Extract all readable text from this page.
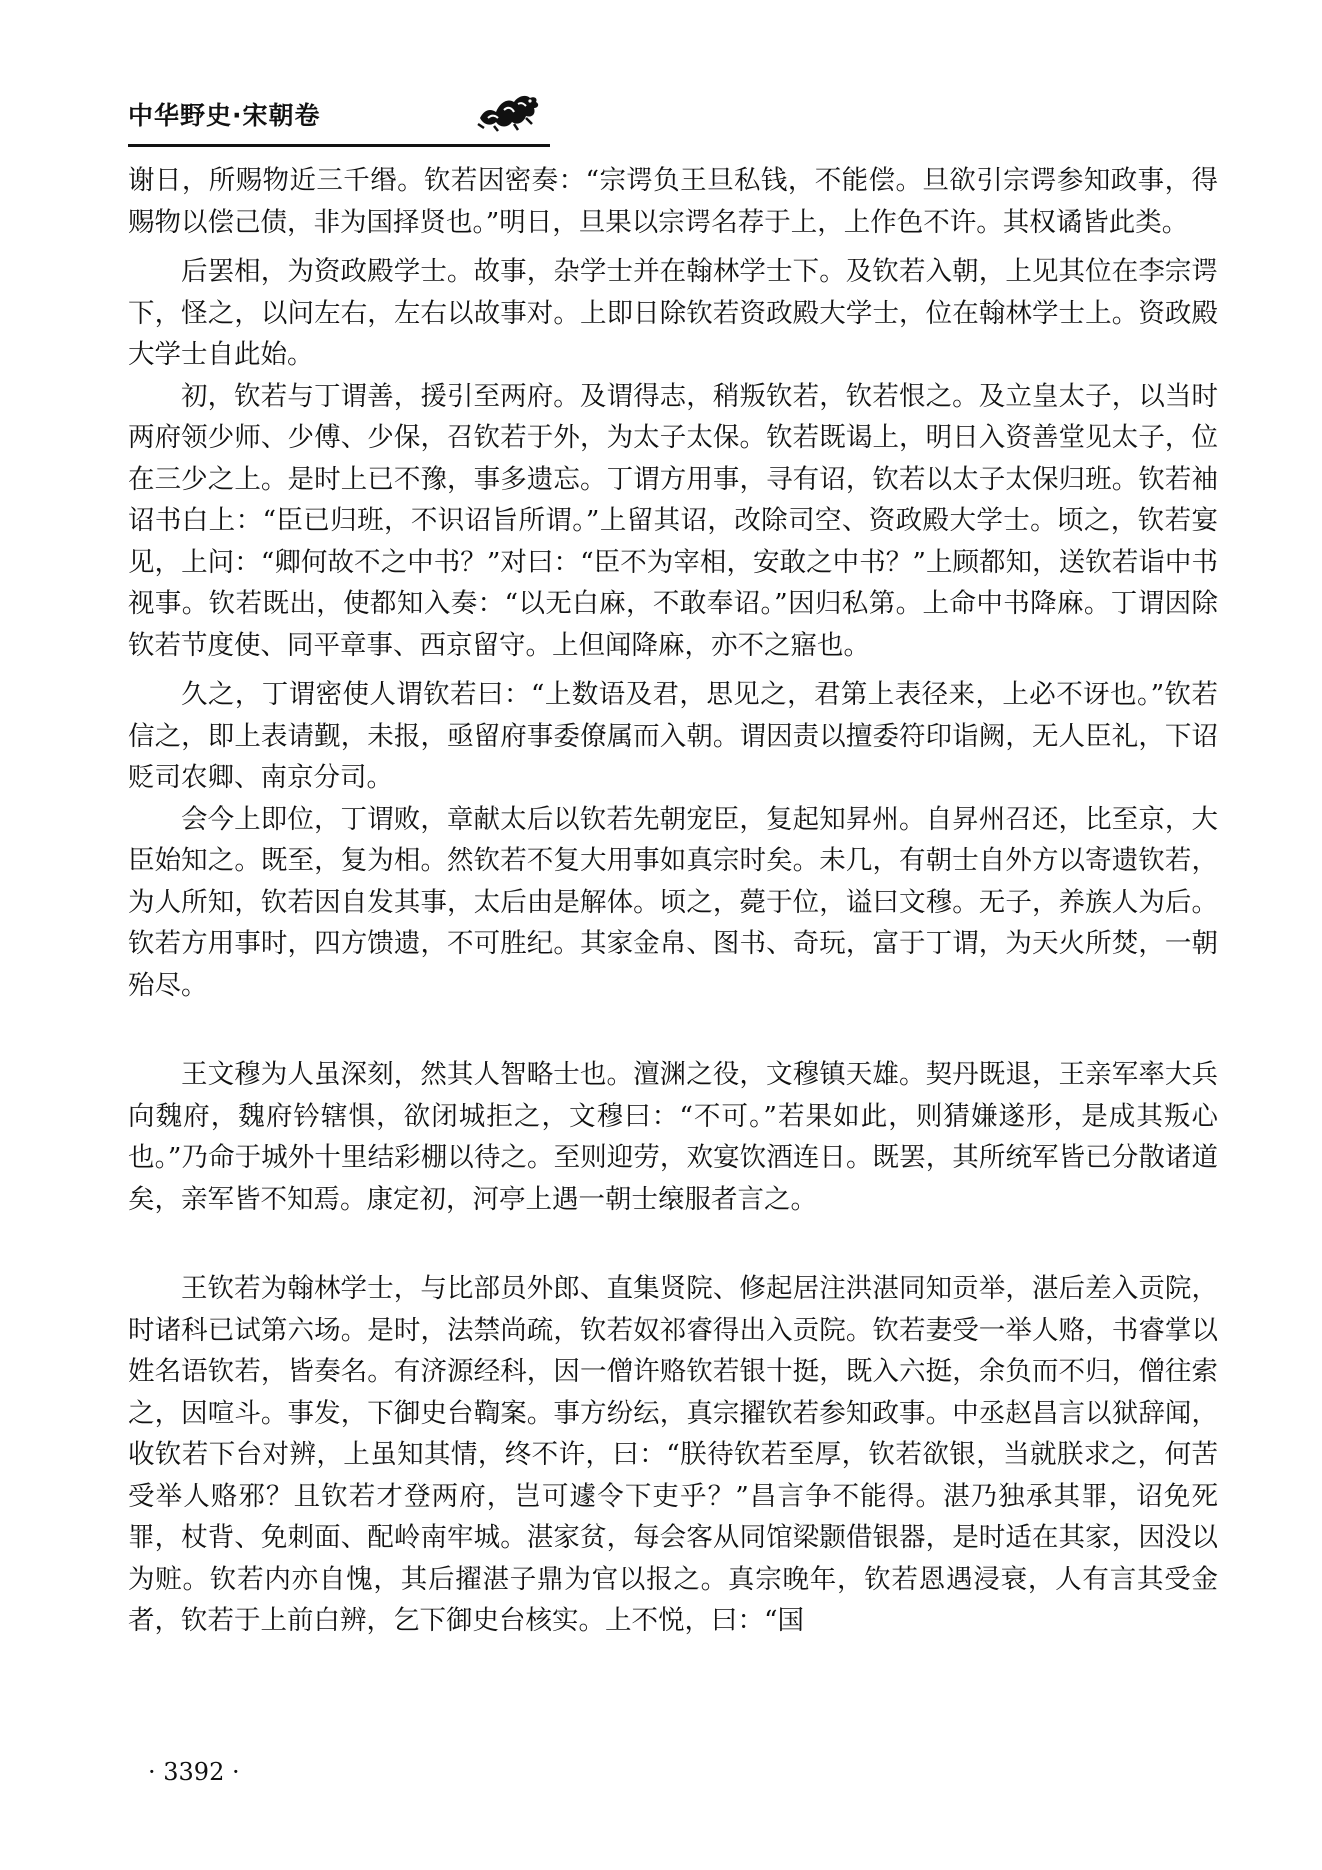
中华野史·宋朝卷

谢日，所赐物近三千缗。钦若因密奏：“宗谔负王旦私钱，不能偿。旦欲引宗谔参知政事，得赐物以偿己债，非为国择贤也。”明日，旦果以宗谔名荐于上，上作色不许。其权谲皆此类。

后罢相，为资政殿学士。故事，杂学士并在翰林学士下。及钦若入朝，上见其位在李宗谔下，怪之，以问左右，左右以故事对。上即日除钦若资政殿大学士，位在翰林学士上。资政殿大学士自此始。

初，钦若与丁谓善，援引至两府。及谓得志，稍叛钦若，钦若恨之。及立皇太子，以当时两府领少师、少傅、少保，召钦若于外，为太子太保。钦若既谒上，明日入资善堂见太子，位在三少之上。是时上已不豫，事多遗忘。丁谓方用事，寻有诏，钦若以太子太保归班。钦若袖诏书白上：“臣已归班，不识诏旨所谓。”上留其诏，改除司空、资政殿大学士。顷之，钦若宴见，上问：“卿何故不之中书？”对曰：“臣不为宰相，安敢之中书？”上顾都知，送钦若诣中书视事。钦若既出，使都知入奏：“以无白麻，不敢奉诏。”因归私第。上命中书降麻。丁谓因除钦若节度使、同平章事、西京留守。上但闻降麻，亦不之寤也。

久之，丁谓密使人谓钦若曰：“上数语及君，思见之，君第上表径来，上必不讶也。”钦若信之，即上表请觐，未报，亟留府事委僚属而入朝。谓因责以擅委符印诣阙，无人臣礼，下诏贬司农卿、南京分司。

会今上即位，丁谓败，章献太后以钦若先朝宠臣，复起知昇州。自昇州召还，比至京，大臣始知之。既至，复为相。然钦若不复大用事如真宗时矣。未几，有朝士自外方以寄遗钦若，为人所知，钦若因自发其事，太后由是解体。顷之，薨于位，谥曰文穆。无子，养族人为后。钦若方用事时，四方馈遗，不可胜纪。其家金帛、图书、奇玩，富于丁谓，为天火所焚，一朝殆尽。

王文穆为人虽深刻，然其人智略士也。澶渊之役，文穆镇天雄。契丹既退，王亲军率大兵向魏府，魏府钤辖惧，欲闭城拒之，文穆曰：“不可。”若果如此，则猜嫌遂形，是成其叛心也。”乃命于城外十里结彩棚以待之。至则迎劳，欢宴饮酒连日。既罢，其所统军皆已分散诸道矣，亲军皆不知焉。康定初，河亭上遇一朝士缞服者言之。

王钦若为翰林学士，与比部员外郎、直集贤院、修起居注洪湛同知贡举，湛后差入贡院，时诸科已试第六场。是时，法禁尚疏，钦若奴祁睿得出入贡院。钦若妻受一举人赂，书睿掌以姓名语钦若，皆奏名。有济源经科，因一僧许赂钦若银十挺，既入六挺，余负而不归，僧往索之，因喧斗。事发，下御史台鞫案。事方纷纭，真宗擢钦若参知政事。中丞赵昌言以狱辞闻，收钦若下台对辨，上虽知其情，终不许，曰：“朕待钦若至厚，钦若欲银，当就朕求之，何苦受举人赂邪？且钦若才登两府，岂可遽令下吏乎？”昌言争不能得。湛乃独承其罪，诏免死罪，杖背、免刺面、配岭南牢城。湛家贫，每会客从同馆梁颢借银器，是时适在其家，因没以为赃。钦若内亦自愧，其后擢湛子鼎为官以报之。真宗晚年，钦若恩遇浸衰，人有言其受金者，钦若于上前白辨，乞下御史台核实。上不悦，曰：“国

· 3392 ·
